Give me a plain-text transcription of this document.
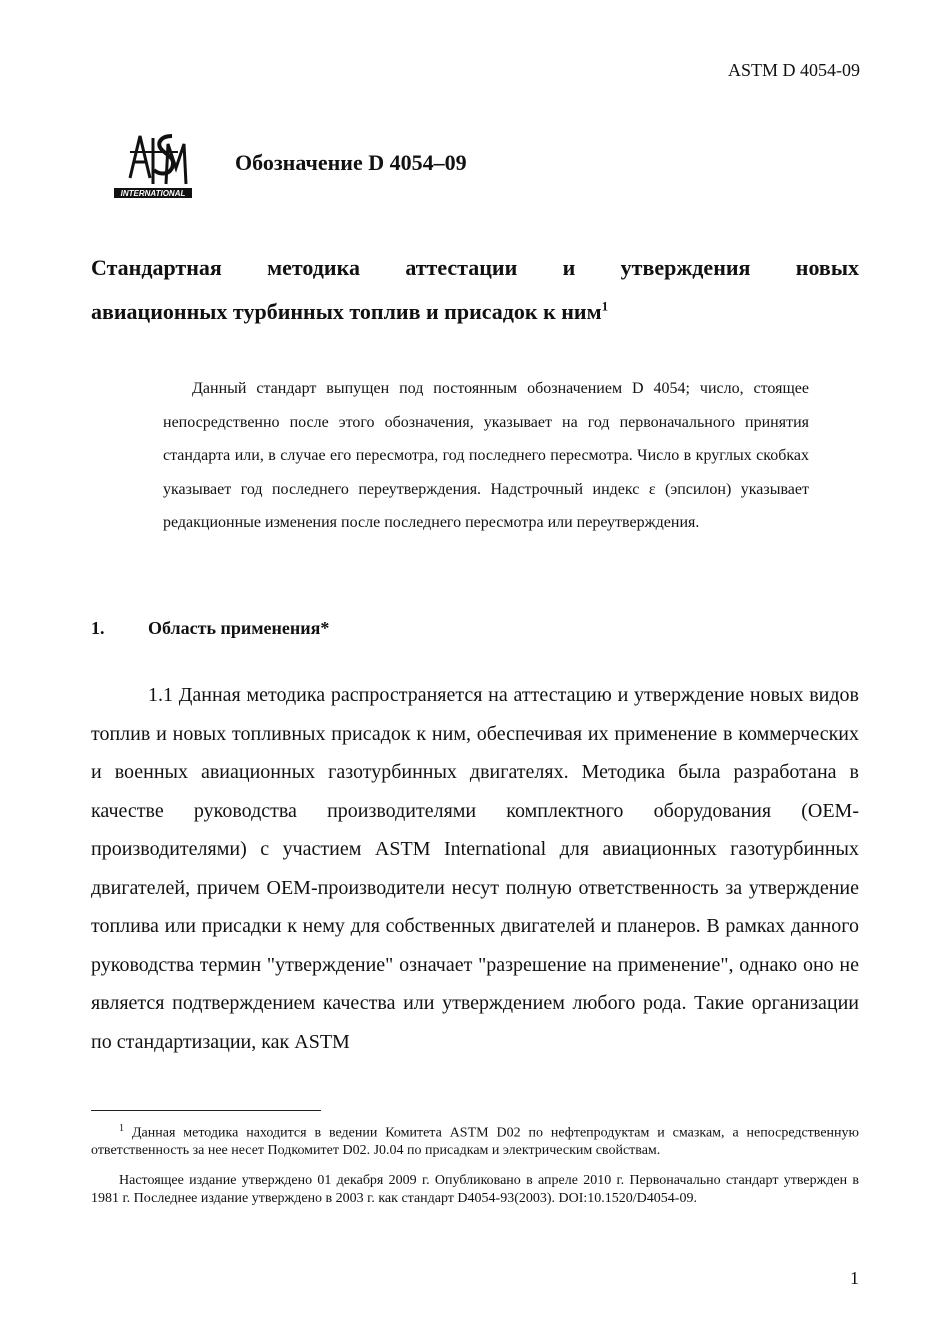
ASTM D 4054-09
INTERNATIONAL
Обозначение D 4054–09
Стандартная методика аттестации и утверждения новых
авиационных турбинных топлив и присадок к ним$^1$
Данный стандарт выпущен под постоянным обозначением D 4054; число, стоящее непосредственно после этого обозначения, указывает на год первоначального принятия стандарта или, в случае его пересмотра, год последнего пересмотра. Число в круглых скобках указывает год последнего переутверждения. Надстрочный индекс ε (эпсилон) указывает редакционные изменения после последнего пересмотра или переутверждения.
1. Область применения*
1.1 Данная методика распространяется на аттестацию и утверждение новых видов топлив и новых топливных присадок к ним, обеспечивая их применение в коммерческих и военных авиационных газотурбинных двигателях. Методика была разработана в качестве руководства производителями комплектного оборудования (OEM-производителями) с участием ASTM International для авиационных газотурбинных двигателей, причем OEM-производители несут полную ответственность за утверждение топлива или присадки к нему для собственных двигателей и планеров. В рамках данного руководства термин "утверждение" означает "разрешение на применение", однако оно не является подтверждением качества или утверждением любого рода. Такие организации по стандартизации, как ASTM
$^1$ Данная методика находится в ведении Комитета ASTM D02 по нефтепродуктам и смазкам, а непосредственную ответственность за нее несет Подкомитет D02. J0.04 по присадкам и электрическим свойствам.
Настоящее издание утверждено 01 декабря 2009 г. Опубликовано в апреле 2010 г. Первоначально стандарт утвержден в 1981 г. Последнее издание утверждено в 2003 г. как стандарт D4054-93(2003). DOI:10.1520/D4054-09.
1
